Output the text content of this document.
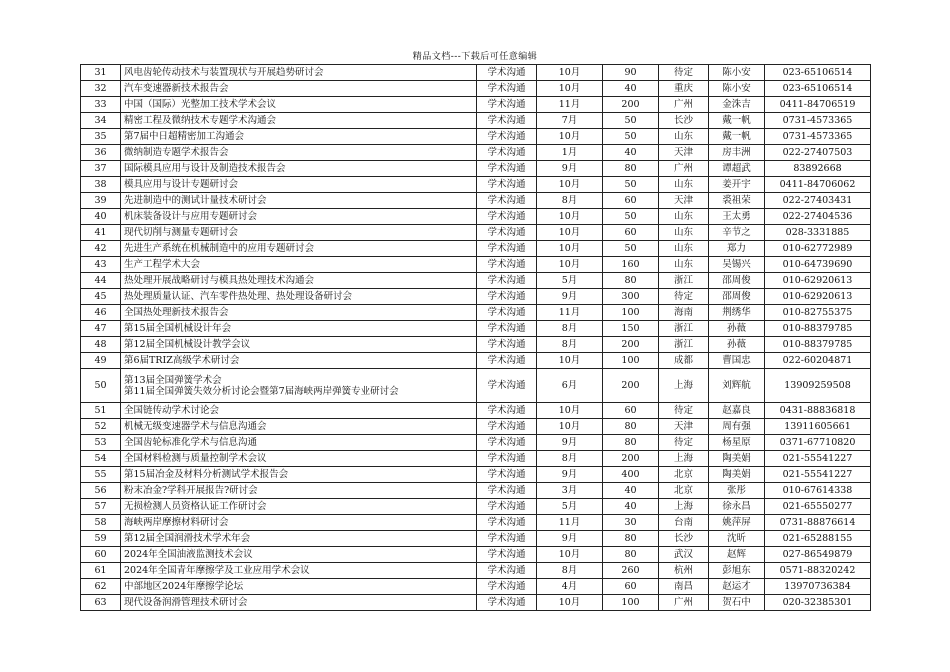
精品文档---下载后可任意编辑
31	风电齿轮传动技术与装置现状与开展趋势研讨会	学术沟通	10月	90	待定	陈小安	023-65106514
32	汽车变速器新技术报告会	学术沟通	10月	40	重庆	陈小安	023-65106514
33	中国（国际）光整加工技术学术会议	学术沟通	11月	200	广州	金洙吉	0411-84706519
34	精密工程及微纳技术专题学术沟通会	学术沟通	7月	50	长沙	戴一帆	0731-4573365
35	第7届中日超精密加工沟通会	学术沟通	10月	50	山东	戴一帆	0731-4573365
36	微纳制造专题学术报告会	学术沟通	1月	40	天津	房丰洲	022-27407503
37	国际模具应用与设计及制造技术报告会	学术沟通	9月	80	广州	谭超武	83892668
38	模具应用与设计专题研讨会	学术沟通	10月	50	山东	姜开宇	0411-84706062
39	先进制造中的测试计量技术研讨会	学术沟通	8月	60	天津	裘祖荣	022-27403431
40	机床装备设计与应用专题研讨会	学术沟通	10月	50	山东	王太勇	022-27404536
41	现代切削与测量专题研讨会	学术沟通	10月	60	山东	辛节之	028-3331885
42	先进生产系统在机械制造中的应用专题研讨会	学术沟通	10月	50	山东	郑力	010-62772989
43	生产工程学术大会	学术沟通	10月	160	山东	吴锡兴	010-64739690
44	热处理开展战略研讨与模具热处理技术沟通会	学术沟通	5月	80	浙江	邵周俊	010-62920613
45	热处理质量认证、汽车零件热处理、热处理设备研讨会	学术沟通	9月	300	待定	邵周俊	010-62920613
46	全国热处理新技术报告会	学术沟通	11月	100	海南	荆绣华	010-82755375
47	第15届全国机械设计年会	学术沟通	8月	150	浙江	孙薇	010-88379785
48	第12届全国机械设计教学会议	学术沟通	8月	200	浙江	孙薇	010-88379785
49	第6届TRIZ高级学术研讨会	学术沟通	10月	100	成都	曹国忠	022-60204871
50	第13届全国弹簧学术会
第11届全国弹簧失效分析讨论会暨第7届海峡两岸弹簧专业研讨会	学术沟通	6月	200	上海	刘辉航	13909259508
51	全国链传动学术讨论会	学术沟通	10月	60	待定	赵嘉良	0431-88836818
52	机械无级变速器学术与信息沟通会	学术沟通	10月	80	天津	周有强	13911605661
53	全国齿轮标准化学术与信息沟通	学术沟通	9月	80	待定	杨星原	0371-67710820
54	全国材料检测与质量控制学术会议	学术沟通	8月	200	上海	陶美娟	021-55541227
55	第15届冶金及材料分析测试学术报告会	学术沟通	9月	400	北京	陶美娟	021-55541227
56	粉末冶金?学科开展报告?研讨会	学术沟通	3月	40	北京	张彤	010-67614338
57	无损检测人员资格认证工作研讨会	学术沟通	5月	40	上海	徐永昌	021-65550277
58	海峡两岸摩擦材料研讨会	学术沟通	11月	30	台南	姚萍屏	0731-88876614
59	第12届全国润滑技术学术年会	学术沟通	9月	80	长沙	沈昕	021-65288155
60	2024年全国油液监测技术会议	学术沟通	10月	80	武汉	赵辉	027-86549879
61	2024年全国青年摩擦学及工业应用学术会议	学术沟通	8月	260	杭州	彭旭东	0571-88320242
62	中部地区2024年摩擦学论坛	学术沟通	4月	60	南昌	赵运才	13970736384
63	现代设备润滑管理技术研讨会	学术沟通	10月	100	广州	贺石中	020-32385301
